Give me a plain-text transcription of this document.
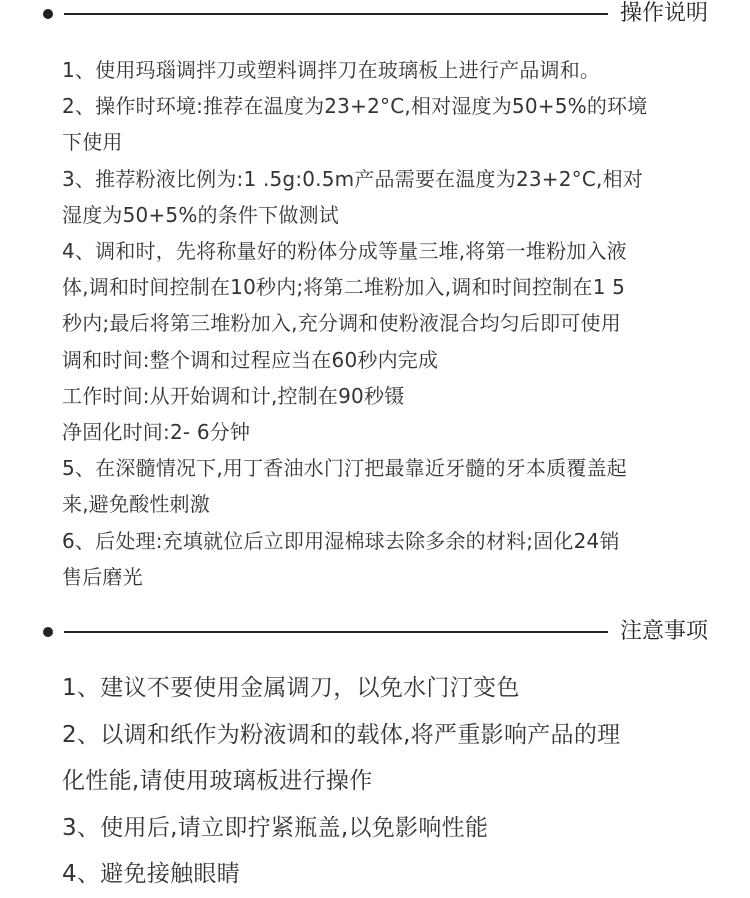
操作说明

1、使用玛瑙调拌刀或塑料调拌刀在玻璃板上进行产品调和。

2、操作时环境:推荐在温度为23+2°C,相对湿度为50+5%的环境

下使用

3、推荐粉液比例为:1 .5g:0.5m产品需要在温度为23+2°C,相对

湿度为50+5%的条件下做测试

4、调和时，先将称量好的粉体分成等量三堆,将第一堆粉加入液

体,调和时间控制在10秒内;将第二堆粉加入,调和时间控制在1 5

秒内;最后将第三堆粉加入,充分调和使粉液混合均匀后即可使用

调和时间:整个调和过程应当在60秒内完成

工作时间:从开始调和计,控制在90秒镊

净固化时间:2- 6分钟

5、在深髓情况下,用丁香油水门汀把最靠近牙髓的牙本质覆盖起

来,避免酸性刺激

6、后处理:充填就位后立即用湿棉球去除多余的材料;固化24销

售后磨光

注意事项

1、建议不要使用金属调刀，以免水门汀变色

2、以调和纸作为粉液调和的载体,将严重影响产品的理

化性能,请使用玻璃板进行操作

3、使用后,请立即拧紧瓶盖,以免影响性能

4、避免接触眼睛
